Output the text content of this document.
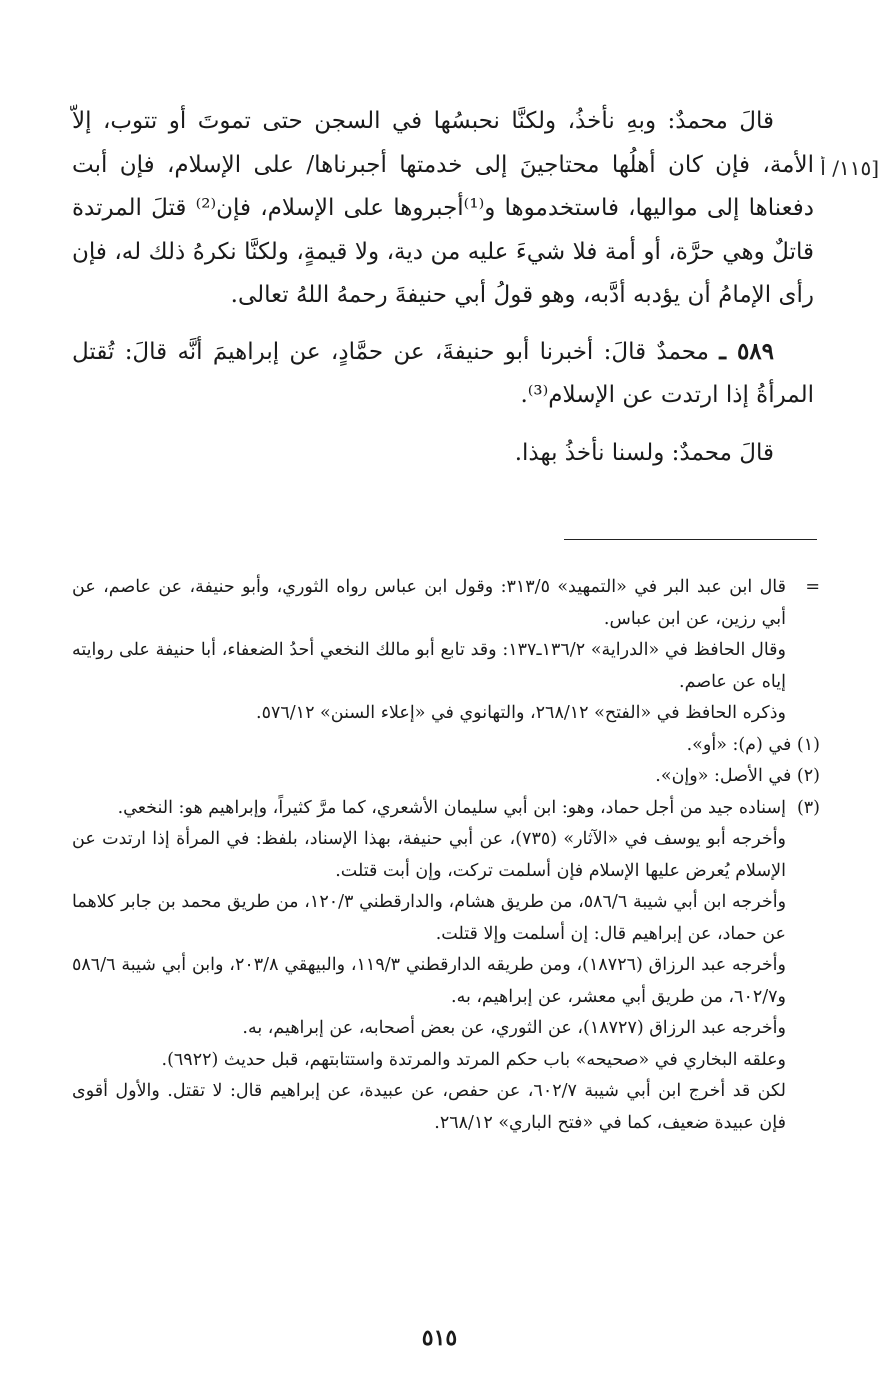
[١١٥/ أ

قالَ محمدٌ: وبهِ نأخذُ، ولكنَّا نحبسُها في السجن حتى تموتَ أو تتوب، إلاّ الأمة، فإن كان أهلُها محتاجينَ إلى خدمتها أجبرناها/ على الإسلام، فإن أبت دفعناها إلى مواليها، فاستخدموها و⁽¹⁾أجبروها على الإسلام، فإن⁽²⁾ قتلَ المرتدة قاتلٌ وهي حرَّة، أو أمة فلا شيءَ عليه من دية، ولا قيمةٍ، ولكنَّا نكرهُ ذلك له، فإن رأى الإمامُ أن يؤدبه أدَّبه، وهو قولُ أبي حنيفةَ رحمهُ اللهُ تعالى.

٥٨٩ ـ محمدٌ قالَ: أخبرنا أبو حنيفةَ، عن حمَّادٍ، عن إبراهيمَ أنَّه قالَ: تُقتل المرأةُ إذا ارتدت عن الإسلام⁽³⁾.

قالَ محمدٌ: ولسنا نأخذُ بهذا.

=
قال ابن عبد البر في «التمهيد» ٣١٣/٥: وقول ابن عباس رواه الثوري، وأبو حنيفة، عن عاصم، عن أبي رزين، عن ابن عباس.
وقال الحافظ في «الدراية» ١٣٦/٢ـ١٣٧: وقد تابع أبو مالك النخعي أحدُ الضعفاء، أبا حنيفة على روايته إياه عن عاصم.
وذكره الحافظ في «الفتح» ٢٦٨/١٢، والتهانوي في «إعلاء السنن» ٥٧٦/١٢.
(١) في (م): «أو».
(٢) في الأصل: «وإن».
(٣)
إسناده جيد من أجل حماد، وهو: ابن أبي سليمان الأشعري، كما مرَّ كثيراً، وإبراهيم هو: النخعي.
وأخرجه أبو يوسف في «الآثار» (٧٣٥)، عن أبي حنيفة، بهذا الإسناد، بلفظ: في المرأة إذا ارتدت عن الإسلام يُعرض عليها الإسلام فإن أسلمت تركت، وإن أبت قتلت.
وأخرجه ابن أبي شيبة ٥٨٦/٦، من طريق هشام، والدارقطني ١٢٠/٣، من طريق محمد بن جابر كلاهما عن حماد، عن إبراهيم قال: إن أسلمت وإلا قتلت.
وأخرجه عبد الرزاق (١٨٧٢٦)، ومن طريقه الدارقطني ١١٩/٣، والبيهقي ٢٠٣/٨، وابن أبي شيبة ٥٨٦/٦ و٦٠٢/٧، من طريق أبي معشر، عن إبراهيم، به.
وأخرجه عبد الرزاق (١٨٧٢٧)، عن الثوري، عن بعض أصحابه، عن إبراهيم، به.
وعلقه البخاري في «صحيحه» باب حكم المرتد والمرتدة واستتابتهم، قبل حديث (٦٩٢٢).
لكن قد أخرج ابن أبي شيبة ٦٠٢/٧، عن حفص، عن عبيدة، عن إبراهيم قال: لا تقتل. والأول أقوى فإن عبيدة ضعيف، كما في «فتح الباري» ٢٦٨/١٢.
٥١٥
